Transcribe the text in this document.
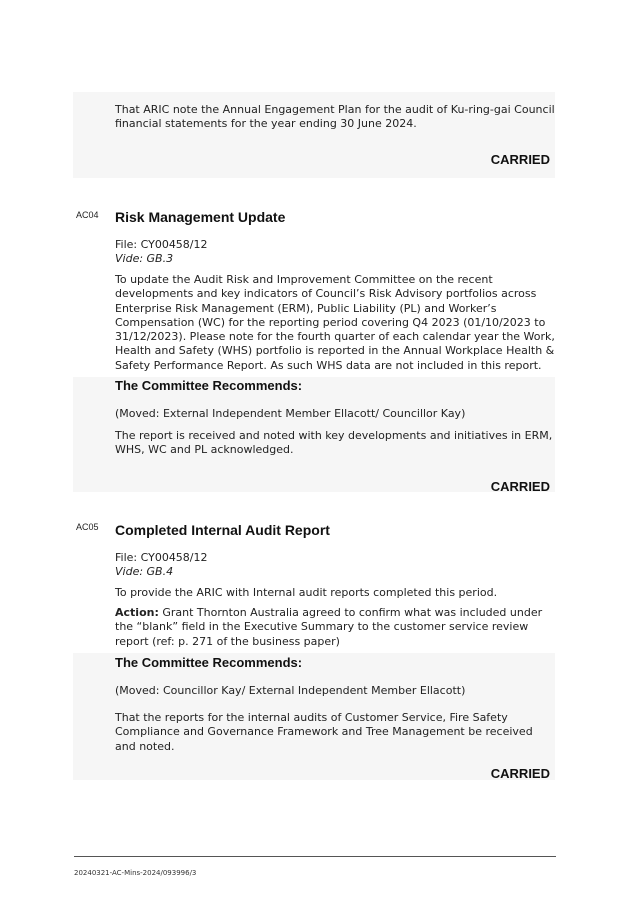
That ARIC note the Annual Engagement Plan for the audit of Ku-ring-gai Council financial statements for the year ending 30 June 2024.

CARRIED
AC04 Risk Management Update

File: CY00458/12

Vide: GB.3

To update the Audit Risk and Improvement Committee on the recent developments and key indicators of Council’s Risk Advisory portfolios across Enterprise Risk Management (ERM), Public Liability (PL) and Worker’s Compensation (WC) for the reporting period covering Q4 2023 (01/10/2023 to 31/12/2023). Please note for the fourth quarter of each calendar year the Work, Health and Safety (WHS) portfolio is reported in the Annual Workplace Health & Safety Performance Report. As such WHS data are not included in this report.

The Committee Recommends:

(Moved: External Independent Member Ellacott/ Councillor Kay)

The report is received and noted with key developments and initiatives in ERM, WHS, WC and PL acknowledged.

CARRIED
AC05 Completed Internal Audit Report

File: CY00458/12

Vide: GB.4

To provide the ARIC with Internal audit reports completed this period.

Action: Grant Thornton Australia agreed to confirm what was included under the “blank” field in the Executive Summary to the customer service review report (ref: p. 271 of the business paper)

The Committee Recommends:

(Moved: Councillor Kay/ External Independent Member Ellacott)

That the reports for the internal audits of Customer Service, Fire Safety Compliance and Governance Framework and Tree Management be received and noted.

CARRIED
20240321-AC-Mins-2024/093996/3
